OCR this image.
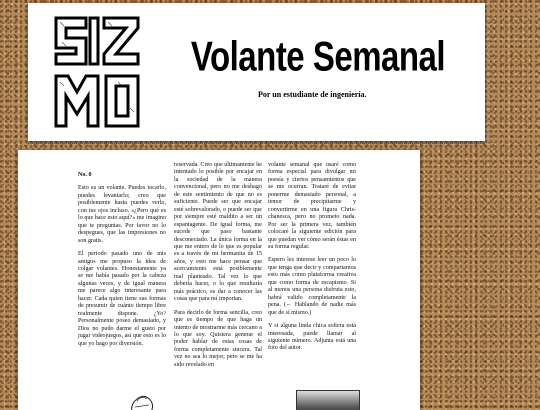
Volante Semanal
Por un estudiante de ingeniería.

No. 0

Esto es un volante. Puedes tocarlo, puedes levantarlo; creo que posiblemente hasta puedes verlo, con tus ojos incluso. «¿Pero qué es lo que hace esto aquí?» me imagino que te preguntas. Por favor no lo despegues, que las impresiones no son gratis.

El periodo pasado uno de mis amigos me propuso la idea de colgar volantes. Honestamente ya se me había pasado por la cabeza algunas veces, y de igual manera me parece algo interesante para hacer. Cada quien tiene sus formas de presumir de cuánto tiempo libre realmente dispone. ¿Yo? Personalmente poseo demasiado, y Dios no pudo darme el gusto por jugar videojuegos, así que esto es lo que yo hago por diversión.

reservada. Creo que últimamente he intentado lo posible por encajar en la sociedad de la manera convencional, pero no me deshago de este sentimiento de que no es suficiente. Puede ser que encajar esté sobrevalorado, o puede ser que por siempre esté maldito a ser un espantagente. De igual forma, me sucede que paso bastante desconectado. La única forma en la que me entero de lo que es popular es a través de mi hermanita de 15 años, y esto me hace pensar que acercamiento está posiblemente mal planteado. Tal vez lo que debería hacer, o lo que resultaría más práctico, es dar a conocer las cosas que para mí importan.

Para decirlo de forma sencilla, creo que es tiempo de que haga un intento de mostrarme más cercano a lo que soy. Quisiera generar el poder hablar de estas cosas de forma completamente sincera. Tal vez no sea lo mejor, pero se me ha sido revelado en

volante semanal que usaré como forma especial para divulgar mi poesía y ciertos pensamientos que se me ocurran. Trataré de evitar ponerme demasiado personal, a temor de precipitarme y convertirme en una figura Chris-chanesca, pero no prometo nada. Por ser la primera vez, también colocaré la siguiente edición para que puedan ver cómo serán éstas en su forma regular.

Espero les interese leer un poco lo que tenga que decir y compartamos esto más como plataforma creativa que como forma de escapismo. Si al menos una persona disfruta esto, habrá valido completamente la pena. (← Hablando de nadie más que de sí mismo.)

Y si alguna linda chica soltera está interesada, puede llamar al siguiente número. Adjunta está una foto del autor.
